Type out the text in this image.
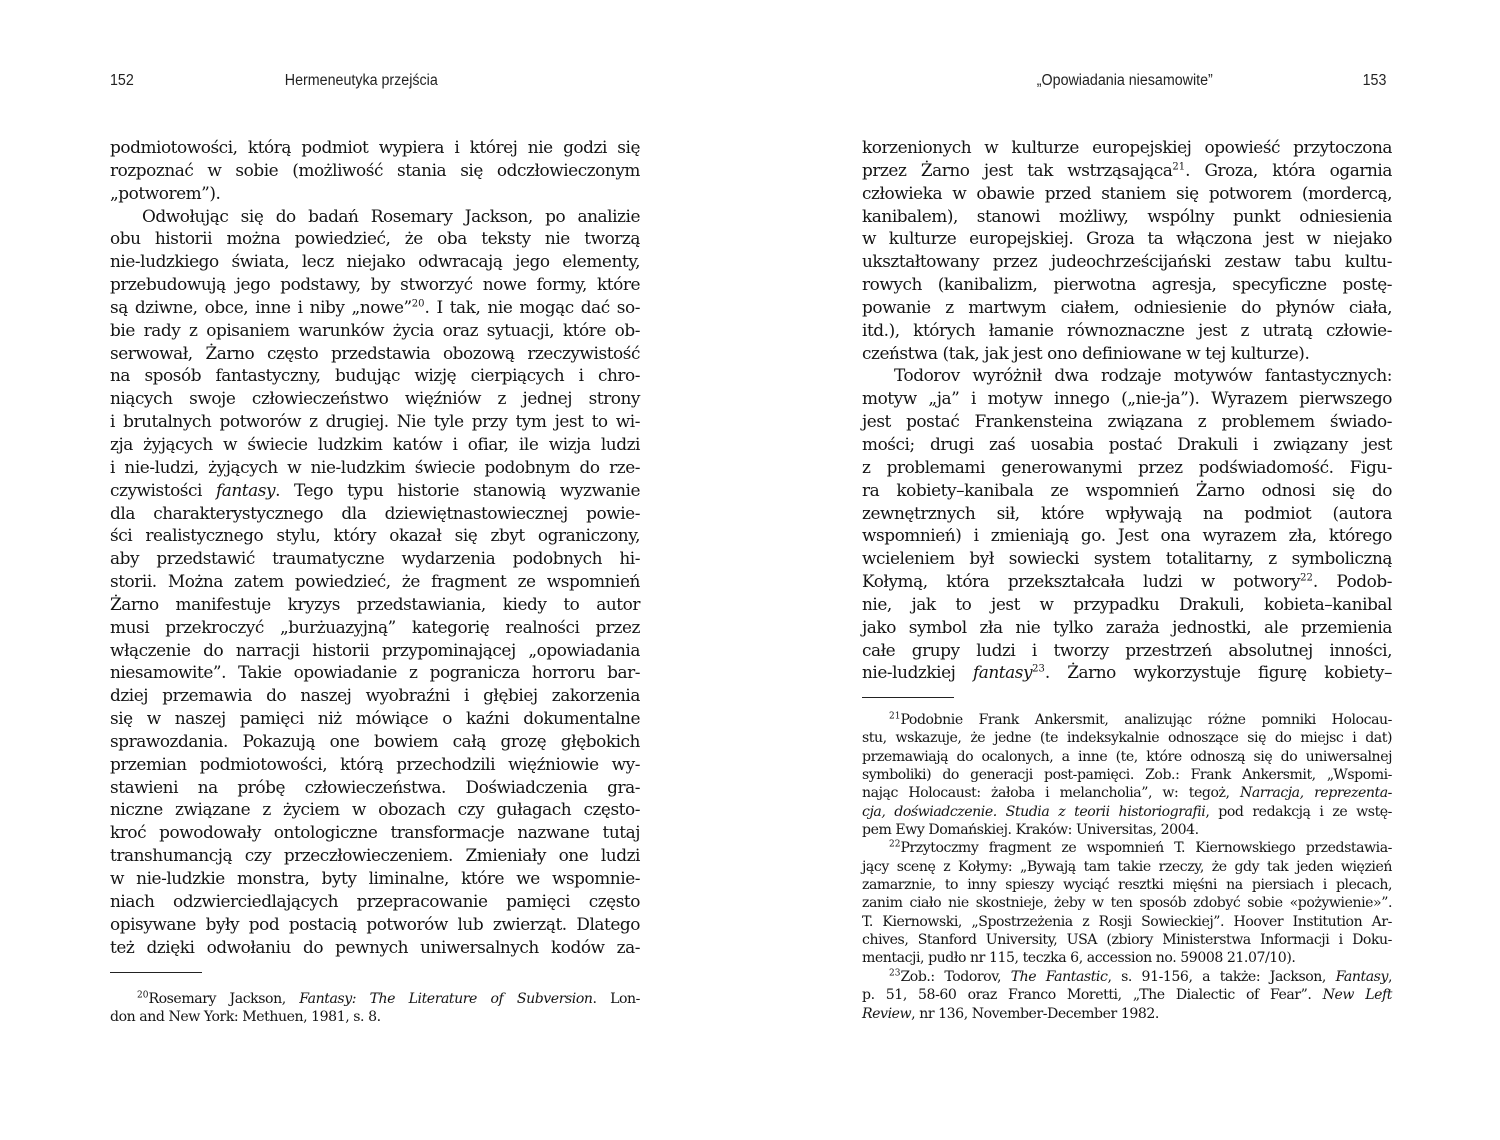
152	Hermeneutyka przejścia
podmiotowości, którą podmiot wypiera i której nie godzi się
rozpoznać w sobie (możliwość stania się odczłowieczonym
„potworem”).
Odwołując się do badań Rosemary Jackson, po analizie
obu historii można powiedzieć, że oba teksty nie tworzą
nie-ludzkiego świata, lecz niejako odwracają jego elementy,
przebudowują jego podstawy, by stworzyć nowe formy, które
są dziwne, obce, inne i niby „nowe”$^{20}$. I tak, nie mogąc dać so-
bie rady z opisaniem warunków życia oraz sytuacji, które ob-
serwował, Żarno często przedstawia obozową rzeczywistość
na sposób fantastyczny, budując wizję cierpiących i chro-
niących swoje człowieczeństwo więźniów z jednej strony
i brutalnych potworów z drugiej. Nie tyle przy tym jest to wi-
zja żyjących w świecie ludzkim katów i ofiar, ile wizja ludzi
i nie-ludzi, żyjących w nie-ludzkim świecie podobnym do rze-
czywistości fantasy. Tego typu historie stanowią wyzwanie
dla charakterystycznego dla dziewiętnastowiecznej powie-
ści realistycznego stylu, który okazał się zbyt ograniczony,
aby przedstawić traumatyczne wydarzenia podobnych hi-
storii. Można zatem powiedzieć, że fragment ze wspomnień
Żarno manifestuje kryzys przedstawiania, kiedy to autor
musi przekroczyć „burżuazyjną” kategorię realności przez
włączenie do narracji historii przypominającej „opowiadania
niesamowite”. Takie opowiadanie z pogranicza horroru bar-
dziej przemawia do naszej wyobraźni i głębiej zakorzenia
się w naszej pamięci niż mówiące o kaźni dokumentalne
sprawozdania. Pokazują one bowiem całą grozę głębokich
przemian podmiotowości, którą przechodzili więźniowie wy-
stawieni na próbę człowieczeństwa. Doświadczenia gra-
niczne związane z życiem w obozach czy gułagach często-
kroć powodowały ontologiczne transformacje nazwane tutaj
transhumancją czy przeczłowieczeniem. Zmieniały one ludzi
w nie-ludzkie monstra, byty liminalne, które we wspomnie-
niach odzwierciedlających przepracowanie pamięci często
opisywane były pod postacią potworów lub zwierząt. Dlatego
też dzięki odwołaniu do pewnych uniwersalnych kodów za-
$^{20}$Rosemary Jackson, Fantasy: The Literature of Subversion. Lon-
don and New York: Methuen, 1981, s. 8.
„Opowiadania niesamowite”	153
korzenionych w kulturze europejskiej opowieść przytoczona
przez Żarno jest tak wstrząsająca$^{21}$. Groza, która ogarnia
człowieka w obawie przed staniem się potworem (mordercą,
kanibalem), stanowi możliwy, wspólny punkt odniesienia
w kulturze europejskiej. Groza ta włączona jest w niejako
ukształtowany przez judeochrześcijański zestaw tabu kultu-
rowych (kanibalizm, pierwotna agresja, specyficzne postę-
powanie z martwym ciałem, odniesienie do płynów ciała,
itd.), których łamanie równoznaczne jest z utratą człowie-
czeństwa (tak, jak jest ono definiowane w tej kulturze).
Todorov wyróżnił dwa rodzaje motywów fantastycznych:
motyw „ja” i motyw innego („nie-ja”). Wyrazem pierwszego
jest postać Frankensteina związana z problemem świado-
mości; drugi zaś uosabia postać Drakuli i związany jest
z problemami generowanymi przez podświadomość. Figu-
ra kobiety–kanibala ze wspomnień Żarno odnosi się do
zewnętrznych sił, które wpływają na podmiot (autora
wspomnień) i zmieniają go. Jest ona wyrazem zła, którego
wcieleniem był sowiecki system totalitarny, z symboliczną
Kołymą, która przekształcała ludzi w potwory$^{22}$. Podob-
nie, jak to jest w przypadku Drakuli, kobieta–kanibal
jako symbol zła nie tylko zaraża jednostki, ale przemienia
całe grupy ludzi i tworzy przestrzeń absolutnej inności,
nie-ludzkiej fantasy$^{23}$. Żarno wykorzystuje figurę kobiety–
$^{21}$Podobnie Frank Ankersmit, analizując różne pomniki Holocau-
stu, wskazuje, że jedne (te indeksykalnie odnoszące się do miejsc i dat)
przemawiają do ocalonych, a inne (te, które odnoszą się do uniwersalnej
symboliki) do generacji post-pamięci. Zob.: Frank Ankersmit, „Wspomi-
nając Holocaust: żałoba i melancholia”, w: tegoż, Narracja, reprezenta-
cja, doświadczenie. Studia z teorii historiografii, pod redakcją i ze wstę-
pem Ewy Domańskiej. Kraków: Universitas, 2004.
$^{22}$Przytoczmy fragment ze wspomnień T. Kiernowskiego przedstawia-
jący scenę z Kołymy: „Bywają tam takie rzeczy, że gdy tak jeden więzień
zamarznie, to inny spieszy wyciąć resztki mięśni na piersiach i plecach,
zanim ciało nie skostnieje, żeby w ten sposób zdobyć sobie «pożywienie»”.
T. Kiernowski, „Spostrzeżenia z Rosji Sowieckiej”. Hoover Institution Ar-
chives, Stanford University, USA (zbiory Ministerstwa Informacji i Doku-
mentacji, pudło nr 115, teczka 6, accession no. 59008 21.07/10).
$^{23}$Zob.: Todorov, The Fantastic, s. 91-156, a także: Jackson, Fantasy,
p. 51, 58-60 oraz Franco Moretti, „The Dialectic of Fear”. New Left
Review, nr 136, November-December 1982.
